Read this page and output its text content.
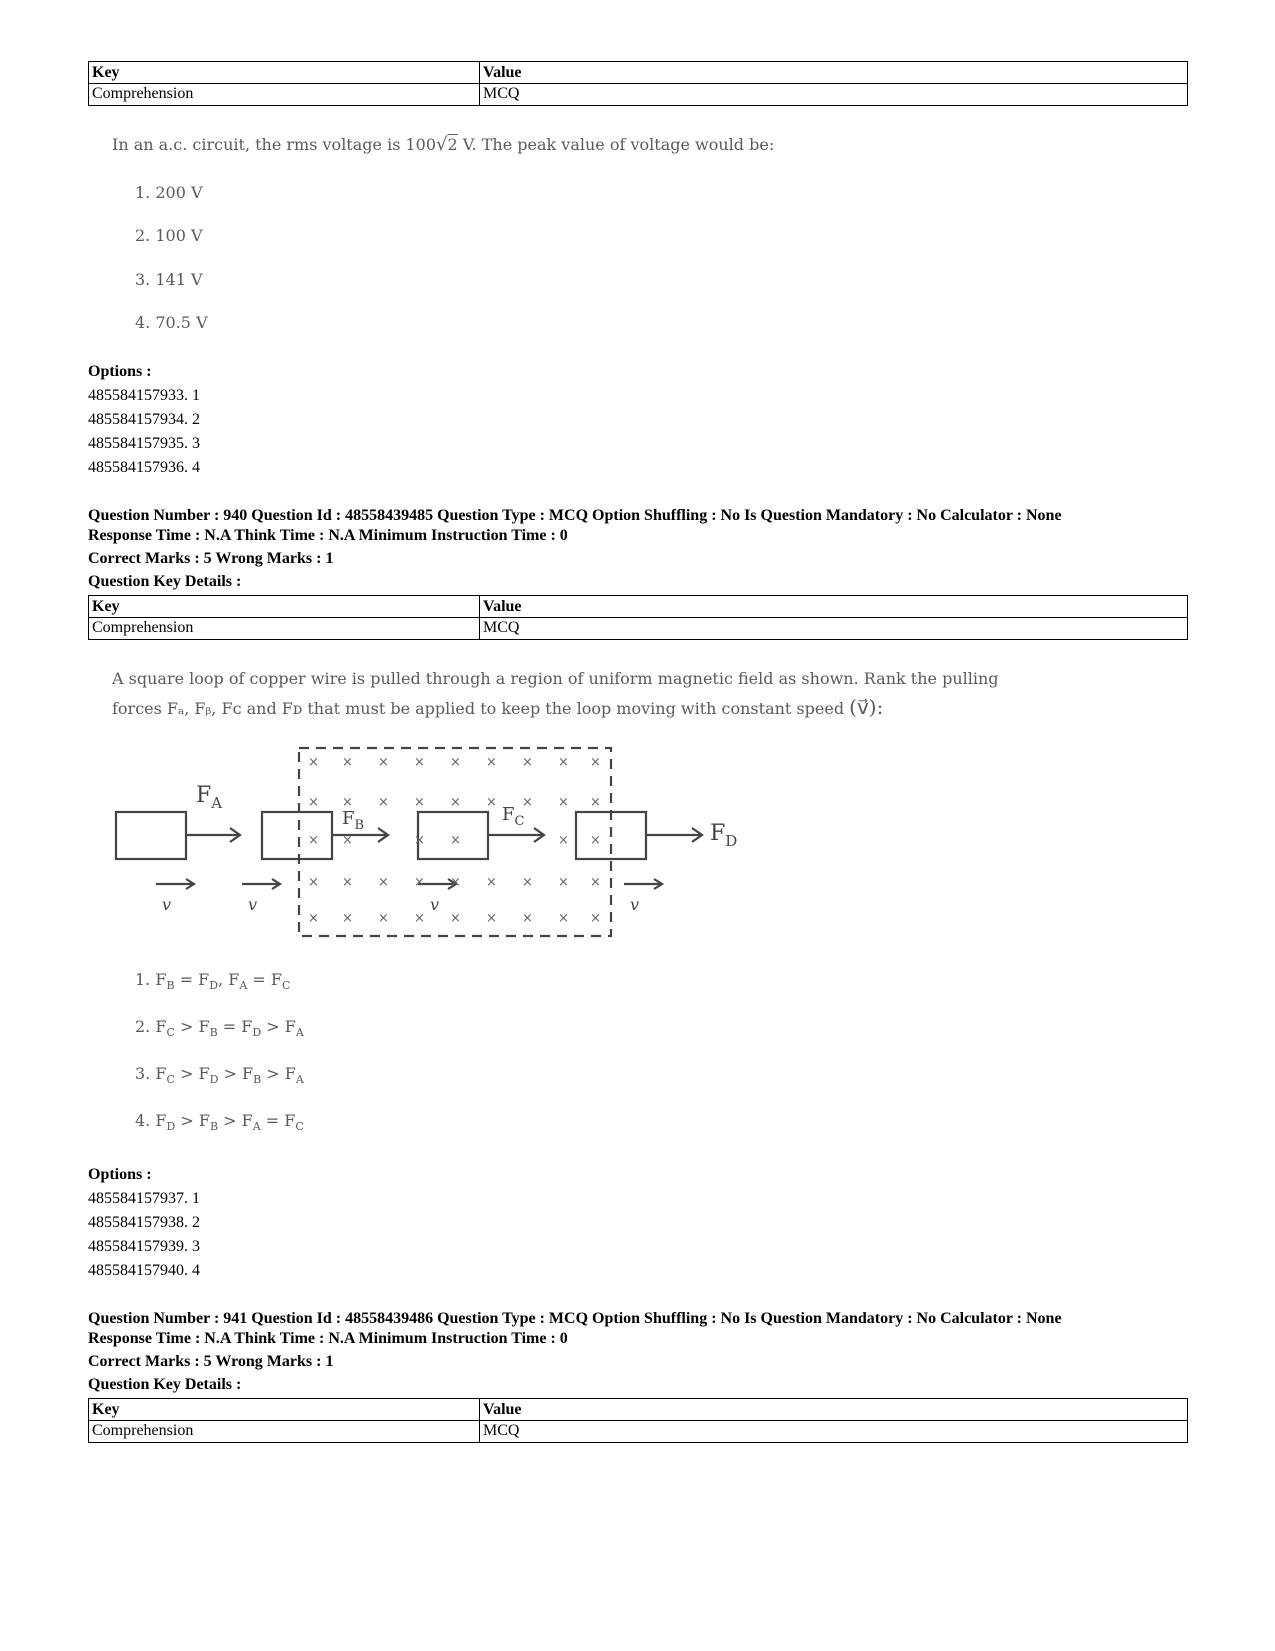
Key	Value
Comprehension	MCQ
In an a.c. circuit, the rms voltage is 100√2 V. The peak value of voltage would be:
1. 200 V
2. 100 V
3. 141 V
4. 70.5 V
Options :
485584157933. 1
485584157934. 2
485584157935. 3
485584157936. 4
Question Number : 940 Question Id : 48558439485 Question Type : MCQ Option Shuffling : No Is Question Mandatory : No Calculator : None
Response Time : N.A Think Time : N.A Minimum Instruction Time : 0
Correct Marks : 5 Wrong Marks : 1
Question Key Details :
Key	Value
Comprehension	MCQ
A square loop of copper wire is pulled through a region of uniform magnetic field as shown. Rank the pulling
forces Fₐ, Fᵦ, Fᴄ and Fᴅ that must be applied to keep the loop moving with constant speed (v⃗):
× × × × × × × × ×
× × × × × × × × ×
× ×	× ×	× ×
× × × × × × × × ×
× × × × × × × × ×
$F_A$
$F_B$
$F_C$	$F_D$
v	v	v	v
1. $F_B = F_D$, $F_A = F_C$
2. $F_C > F_B = F_D > F_A$
3. $F_C > F_D > F_B > F_A$
4. $F_D > F_B > F_A = F_C$
Options :
485584157937. 1
485584157938. 2
485584157939. 3
485584157940. 4
Question Number : 941 Question Id : 48558439486 Question Type : MCQ Option Shuffling : No Is Question Mandatory : No Calculator : None
Response Time : N.A Think Time : N.A Minimum Instruction Time : 0
Correct Marks : 5 Wrong Marks : 1
Question Key Details :
Key	Value
Comprehension	MCQ
